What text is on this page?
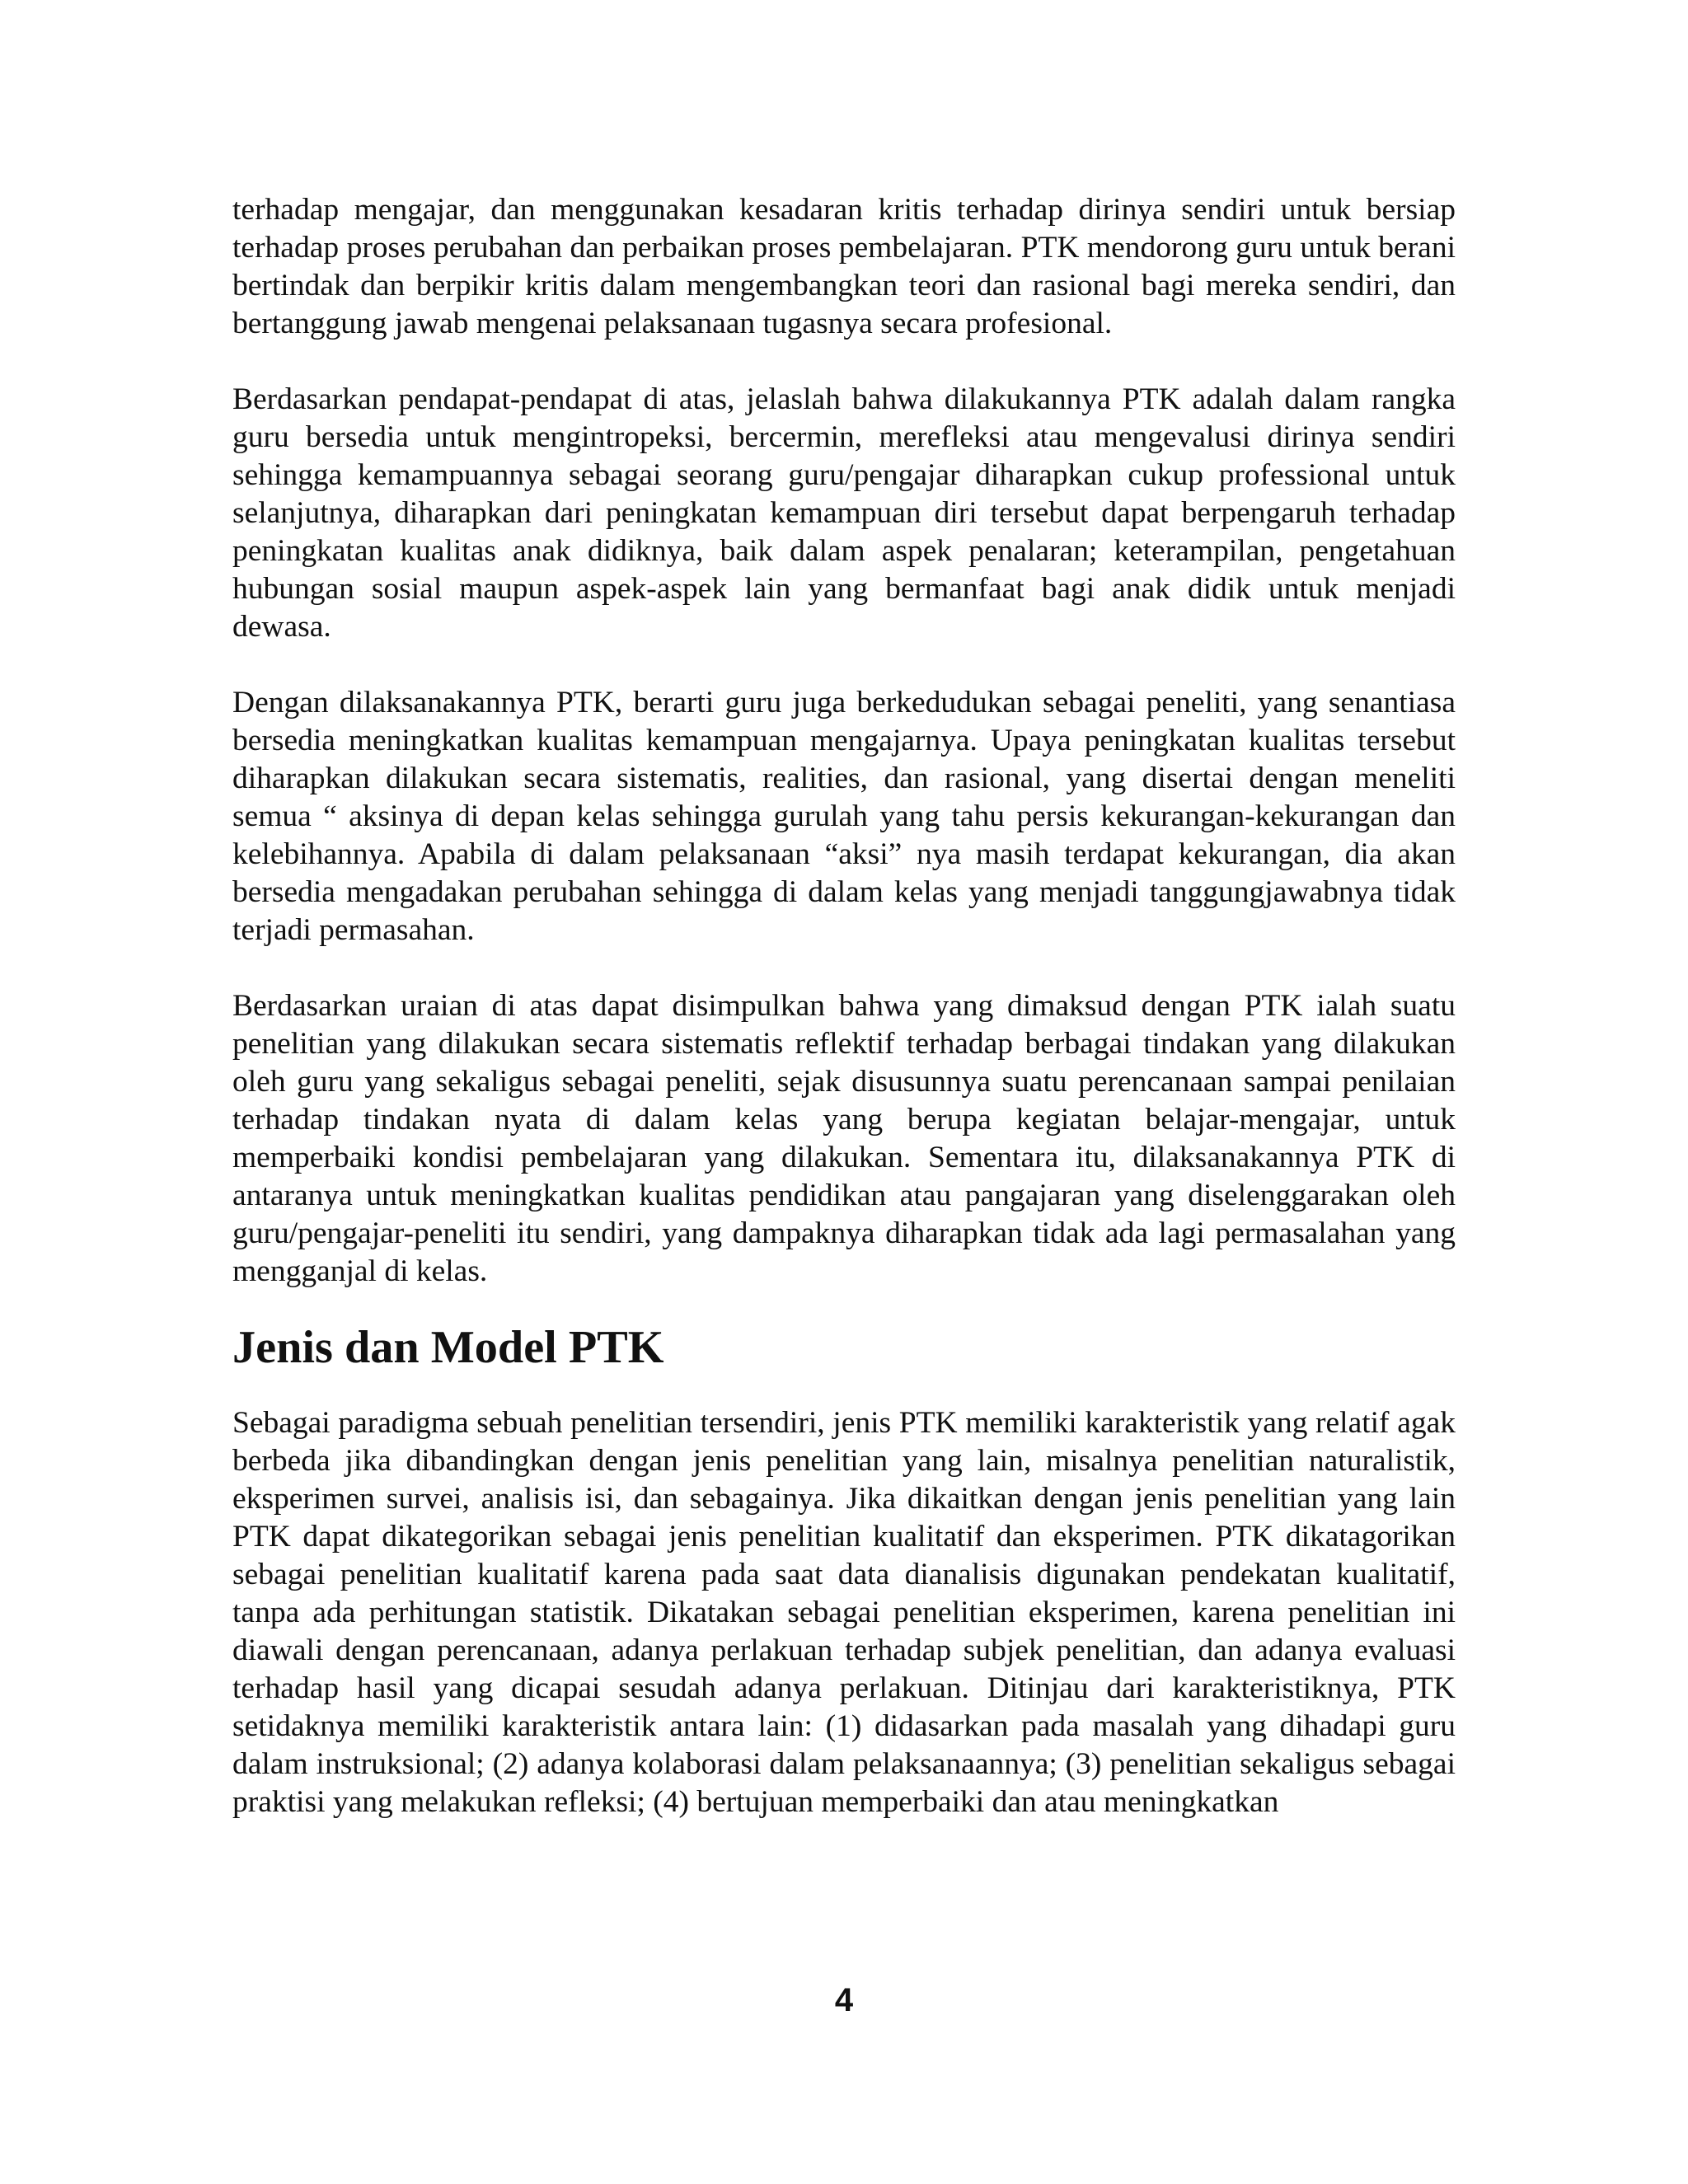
terhadap mengajar, dan menggunakan kesadaran kritis terhadap dirinya sendiri untuk bersiap terhadap proses perubahan dan perbaikan proses pembelajaran. PTK mendorong guru untuk berani bertindak dan berpikir kritis dalam mengembangkan teori dan rasional bagi mereka sendiri, dan bertanggung jawab mengenai pelaksanaan tugasnya secara profesional.

Berdasarkan pendapat-pendapat di atas, jelaslah bahwa dilakukannya PTK adalah dalam rangka guru bersedia untuk mengintropeksi, bercermin, merefleksi atau mengevalusi dirinya sendiri sehingga kemampuannya sebagai seorang guru/pengajar diharapkan cukup professional untuk selanjutnya, diharapkan dari peningkatan kemampuan diri tersebut dapat berpengaruh terhadap peningkatan kualitas anak didiknya, baik dalam aspek penalaran; keterampilan, pengetahuan hubungan sosial maupun aspek-aspek lain yang bermanfaat bagi anak didik untuk menjadi dewasa.

Dengan dilaksanakannya PTK, berarti guru juga berkedudukan sebagai peneliti, yang senantiasa bersedia meningkatkan kualitas kemampuan mengajarnya. Upaya peningkatan kualitas tersebut diharapkan dilakukan secara sistematis, realities, dan rasional, yang disertai dengan meneliti semua “ aksinya di depan kelas sehingga gurulah yang tahu persis kekurangan-kekurangan dan kelebihannya. Apabila di dalam pelaksanaan “aksi” nya masih terdapat kekurangan, dia akan bersedia mengadakan perubahan sehingga di dalam kelas yang menjadi tanggungjawabnya tidak terjadi permasahan.

Berdasarkan uraian di atas dapat disimpulkan bahwa yang dimaksud dengan PTK ialah suatu penelitian yang dilakukan secara sistematis reflektif terhadap berbagai tindakan yang dilakukan oleh guru yang sekaligus sebagai peneliti, sejak disusunnya suatu perencanaan sampai penilaian terhadap tindakan nyata di dalam kelas yang berupa kegiatan belajar-mengajar, untuk memperbaiki kondisi pembelajaran yang dilakukan. Sementara itu, dilaksanakannya PTK di antaranya untuk meningkatkan kualitas pendidikan atau pangajaran yang diselenggarakan oleh guru/pengajar-peneliti itu sendiri, yang dampaknya diharapkan tidak ada lagi permasalahan yang mengganjal di kelas.

Jenis dan Model PTK

Sebagai paradigma sebuah penelitian tersendiri, jenis PTK memiliki karakteristik yang relatif agak berbeda jika dibandingkan dengan jenis penelitian yang lain, misalnya penelitian naturalistik, eksperimen survei, analisis isi, dan sebagainya. Jika dikaitkan dengan jenis penelitian yang lain PTK dapat dikategorikan sebagai jenis penelitian kualitatif dan eksperimen. PTK dikatagorikan sebagai penelitian kualitatif karena pada saat data dianalisis digunakan pendekatan kualitatif, tanpa ada perhitungan statistik. Dikatakan sebagai penelitian eksperimen, karena penelitian ini diawali dengan perencanaan, adanya perlakuan terhadap subjek penelitian, dan adanya evaluasi terhadap hasil yang dicapai sesudah adanya perlakuan. Ditinjau dari karakteristiknya, PTK setidaknya memiliki karakteristik antara lain: (1) didasarkan pada masalah yang dihadapi guru dalam instruksional; (2) adanya kolaborasi dalam pelaksanaannya; (3) penelitian sekaligus sebagai praktisi yang melakukan refleksi; (4) bertujuan memperbaiki dan atau meningkatkan

4
